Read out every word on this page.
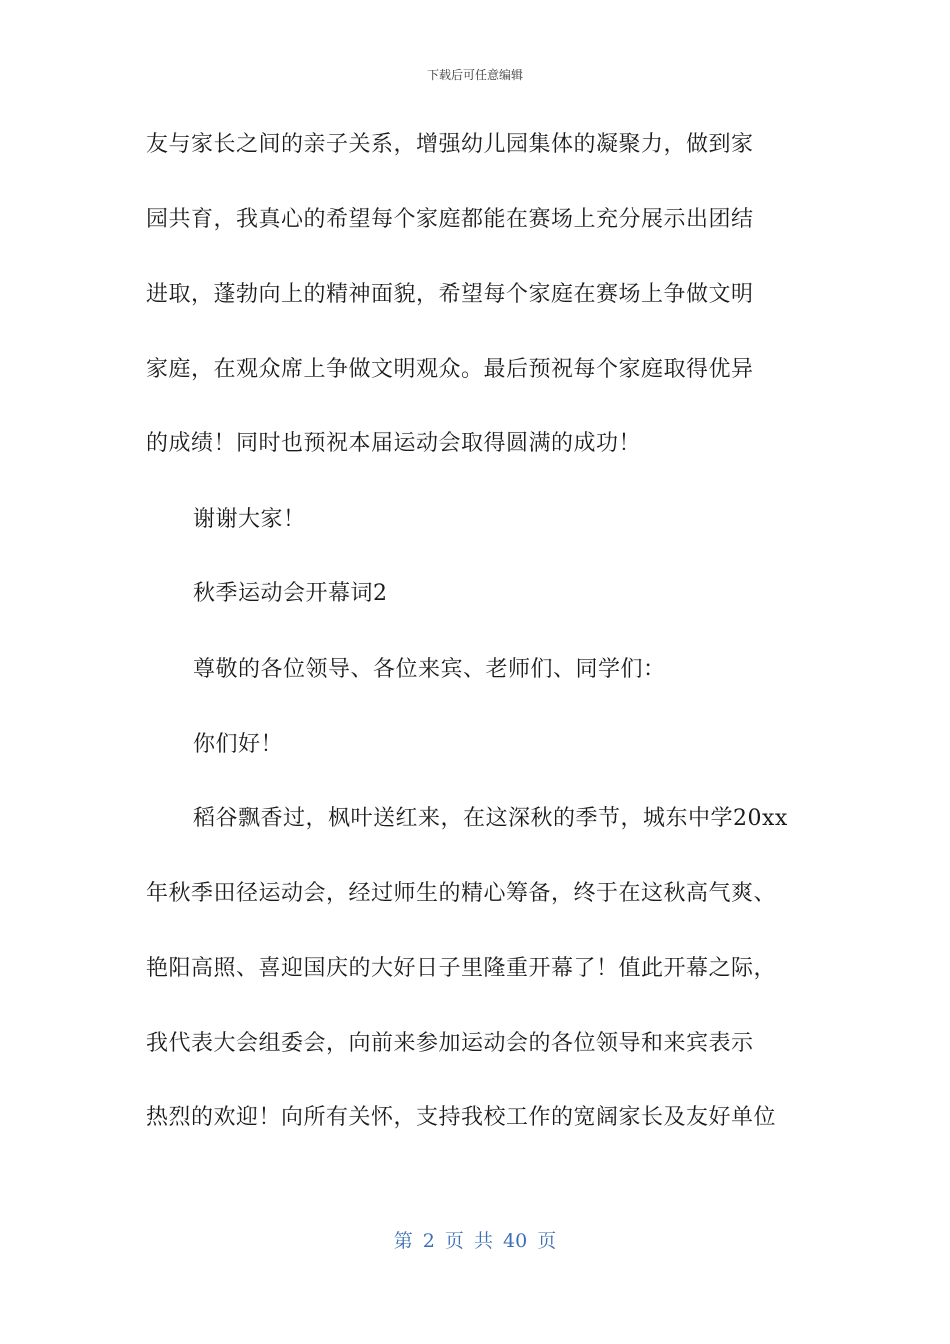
下载后可任意编辑
友与家长之间的亲子关系，增强幼儿园集体的凝聚力，做到家
园共育，我真心的希望每个家庭都能在赛场上充分展示出团结
进取，蓬勃向上的精神面貌，希望每个家庭在赛场上争做文明
家庭，在观众席上争做文明观众。最后预祝每个家庭取得优异
的成绩！同时也预祝本届运动会取得圆满的成功！
谢谢大家！
秋季运动会开幕词2
尊敬的各位领导、各位来宾、老师们、同学们：
你们好！
稻谷飘香过，枫叶送红来，在这深秋的季节，城东中学20xx
年秋季田径运动会，经过师生的精心筹备，终于在这秋高气爽、
艳阳高照、喜迎国庆的大好日子里隆重开幕了！值此开幕之际，
我代表大会组委会，向前来参加运动会的各位领导和来宾表示
热烈的欢迎！向所有关怀，支持我校工作的宽阔家长及友好单位
第 2 页 共 40 页
